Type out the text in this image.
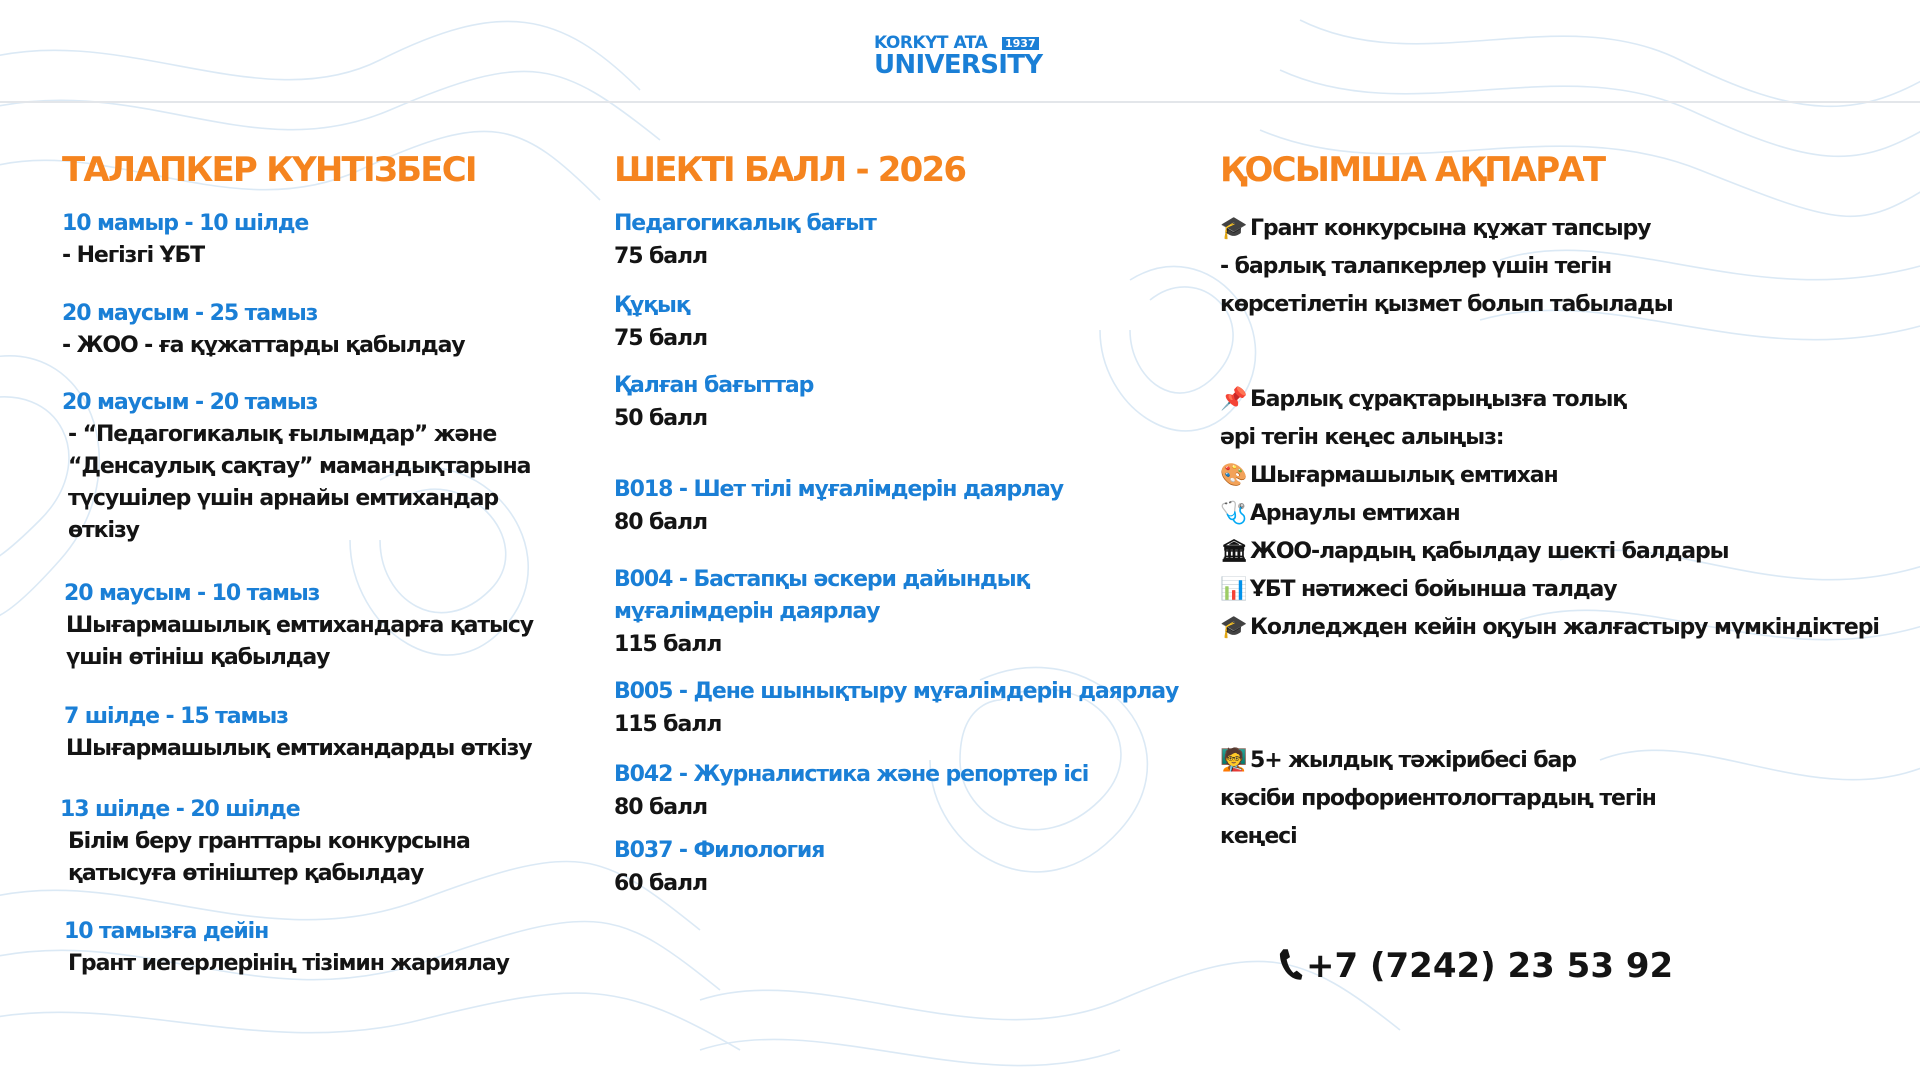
KORKYT ATA 1937
UNIVERSITY
ТАЛАПКЕР КҮНТІЗБЕСІ
10 мамыр - 10 шілде
- Негізгі ҰБТ
20 маусым - 25 тамыз
- ЖОО - ға құжаттарды қабылдау
20 маусым - 20 тамыз
- “Педагогикалық ғылымдар” және “Денсаулық сақтау” мамандықтарына түсушілер үшін арнайы емтихандар өткізу
20 маусым - 10 тамыз
Шығармашылық емтихандарға қатысу үшін өтініш қабылдау
7 шілде - 15 тамыз
Шығармашылық емтихандарды өткізу
13 шілде - 20 шілде
Білім беру гранттары конкурсына қатысуға өтініштер қабылдау
10 тамызға дейін
Грант иегерлерінің тізімин жариялау
ШЕКТІ БАЛЛ - 2026
Педагогикалық бағыт
75 балл
Құқық
75 балл
Қалған бағыттар
50 балл
В018 - Шет тілі мұғалімдерін даярлау
80 балл
В004 - Бастапқы әскери дайындық мұғалімдерін даярлау
115 балл
В005 - Дене шынықтыру мұғалімдерін даярлау
115 балл
В042 - Журналистика және репортер ісі
80 балл
В037 - Филология
60 балл
ҚОСЫМША АҚПАРАТ
🎓 Грант конкурсына құжат тапсыру
- барлық талапкерлер үшін тегін
көрсетілетін қызмет болып табылады
📌 Барлық сұрақтарыңызға толық
әрі тегін кеңес алыңыз:
🎨 Шығармашылық емтихан
🩺 Арнаулы емтихан
🏛 ЖОО-лардың қабылдау шекті балдары
📊 ҰБТ нәтижесі бойынша талдау
🎓 Колледжден кейін оқуын жалғастыру мүмкіндіктері
🧑‍🏫 5+ жылдық тәжірибесі бар
кәсіби профориентологтардың тегін
кеңесі
+7 (7242) 23 53 92
